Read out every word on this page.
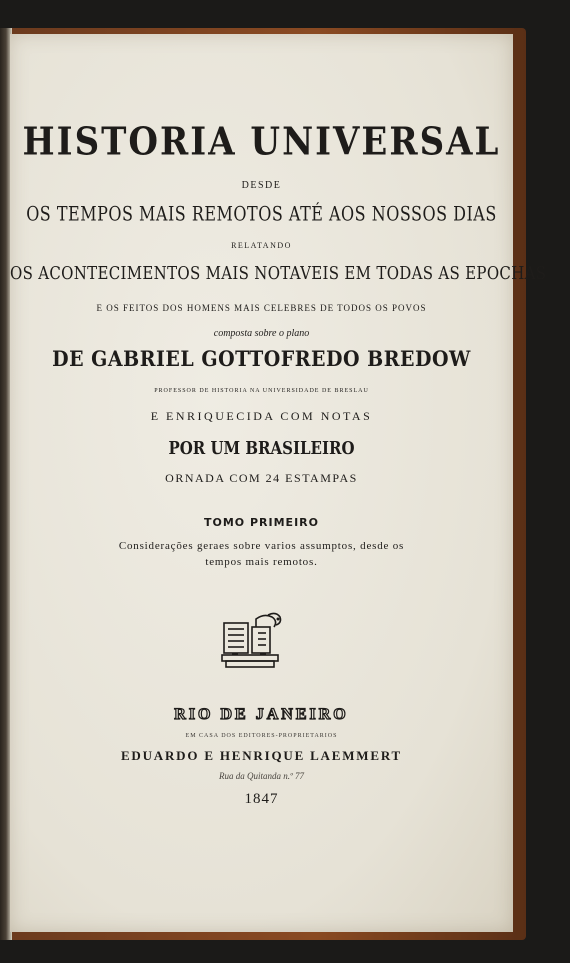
HISTORIA UNIVERSAL
DESDE
OS TEMPOS MAIS REMOTOS ATÉ AOS NOSSOS DIAS
RELATANDO
OS ACONTECIMENTOS MAIS NOTAVEIS EM TODAS AS EPOCHAS
E OS FEITOS DOS HOMENS MAIS CELEBRES DE TODOS OS POVOS
composta sobre o plano
DE GABRIEL GOTTOFREDO BREDOW
PROFESSOR DE HISTORIA NA UNIVERSIDADE DE BRESLAU
E ENRIQUECIDA COM NOTAS
POR UM BRASILEIRO
ORNADA COM 24 ESTAMPAS
TOMO PRIMEIRO
Considerações geraes sobre varios assumptos, desde os
tempos mais remotos.
RIO DE JANEIRO
EM CASA DOS EDITORES-PROPRIETARIOS
EDUARDO E HENRIQUE LAEMMERT
Rua da Quitanda n.º 77
1847
